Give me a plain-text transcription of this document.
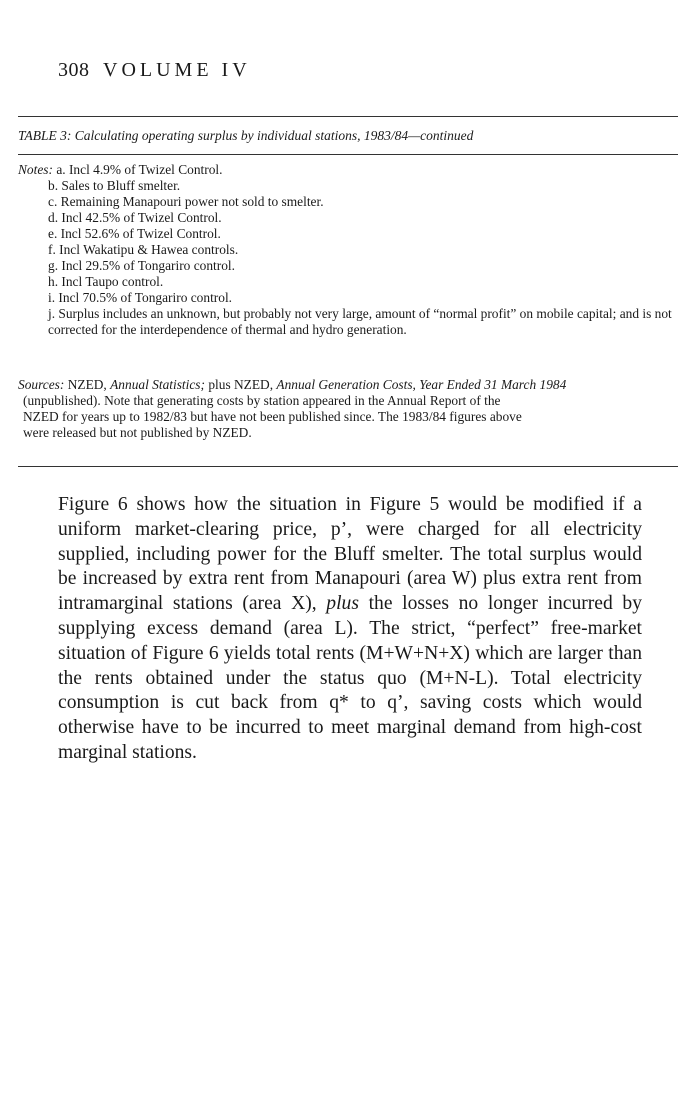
308 VOLUME IV
TABLE 3: Calculating operating surplus by individual stations, 1983/84—continued
Notes: a. Incl 4.9% of Twizel Control.
b. Sales to Bluff smelter.
c. Remaining Manapouri power not sold to smelter.
d. Incl 42.5% of Twizel Control.
e. Incl 52.6% of Twizel Control.
f. Incl Wakatipu & Hawea controls.
g. Incl 29.5% of Tongariro control.
h. Incl Taupo control.
i. Incl 70.5% of Tongariro control.
j. Surplus includes an unknown, but probably not very large, amount of “normal profit” on mobile capital; and is not corrected for the interdependence of thermal and hydro generation.
Sources: NZED, Annual Statistics; plus NZED, Annual Generation Costs, Year Ended 31 March 1984
(unpublished). Note that generating costs by station appeared in the Annual Report of the
NZED for years up to 1982/83 but have not been published since. The 1983/84 figures above
were released but not published by NZED.

Figure 6 shows how the situation in Figure 5 would be modified if a uniform market-clearing price, p’, were charged for all electricity supplied, including power for the Bluff smelter. The total surplus would be increased by extra rent from Manapouri (area W) plus extra rent from intramarginal stations (area X), plus the losses no longer incurred by supplying excess demand (area L). The strict, “perfect” free-market situation of Figure 6 yields total rents (M+W+N+X) which are larger than the rents obtained under the status quo (M+N-L). Total electricity consumption is cut back from q* to q’, saving costs which would otherwise have to be incurred to meet marginal demand from high-cost marginal stations.
